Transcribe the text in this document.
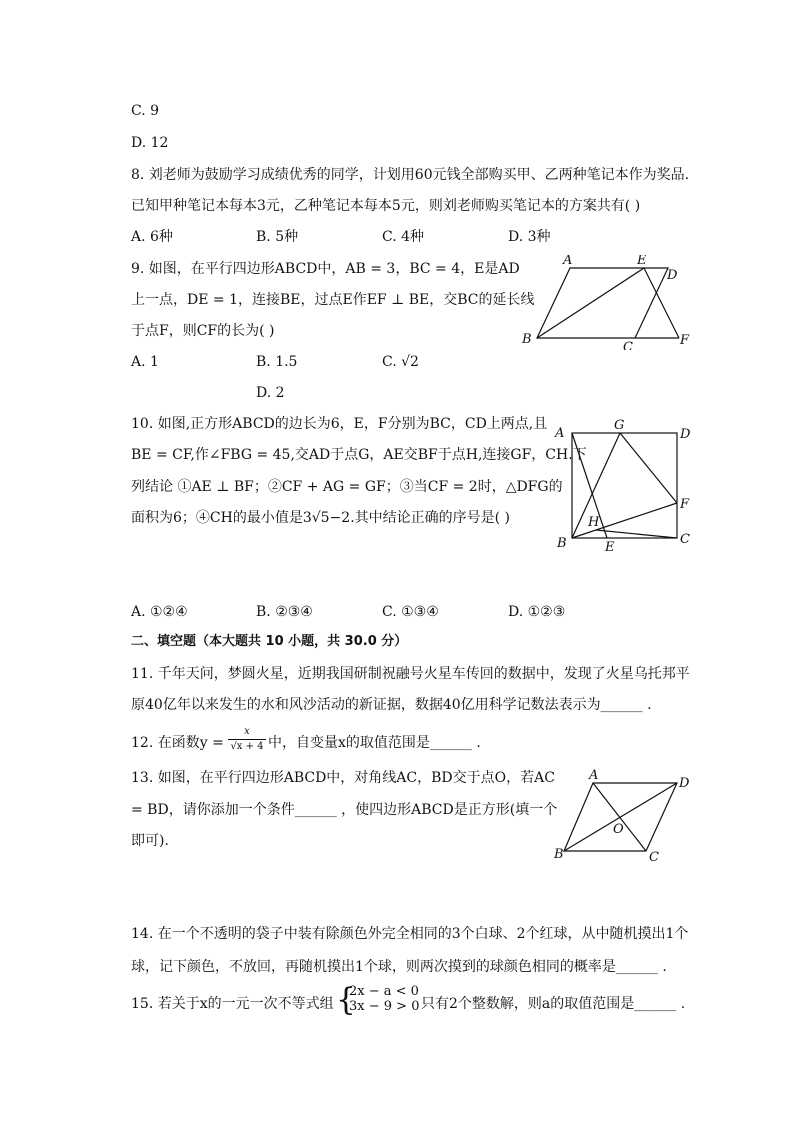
C. 9
D. 12
8. 刘老师为鼓励学习成绩优秀的同学，计划用60元钱全部购买甲、乙两种笔记本作为奖品.
已知甲种笔记本每本3元，乙种笔记本每本5元，则刘老师购买笔记本的方案共有( )
A. 6种	B. 5种	C. 4种	D. 3种
9. 如图，在平行四边形ABCD中，AB = 3，BC = 4，E是AD
上一点，DE = 1，连接BE，过点E作EF ⊥ BE，交BC的延长线
于点F，则CF的长为( )
A. 1	B. 1.5	C. √2
D. 2
A	E
D
B
C	F
10. 如图,正方形ABCD的边长为6，E，F分别为BC，CD上两点,且
BE = CF,作∠FBG = 45,交AD于点G，AE交BF于点H,连接GF，CH.下
列结论 ①AE ⊥ BF；②CF + AG = GF；③当CF = 2时，△DFG的
面积为6；④CH的最小值是3√5−2.其中结论正确的序号是( )
A. ①②④	B. ②③④	C. ①③④	D. ①②③
A
G
D
F
H
B	E
C
二、填空题（本大题共 10 小题，共 30.0 分）
11. 千年天问，梦圆火星，近期我国研制祝融号火星车传回的数据中，发现了火星乌托邦平
原40亿年以来发生的水和风沙活动的新证据，数据40亿用科学记数法表示为______ .
12. 在函数y =
x
√x + 4 中，自变量x的取值范围是______ .
13. 如图，在平行四边形ABCD中，对角线AC，BD交于点O，若AC
= BD，请你添加一个条件______ ，使四边形ABCD是正方形(填一个
即可)．
A
D
O
B	C
14. 在一个不透明的袋子中装有除颜色外完全相同的3个白球、2个红球，从中随机摸出1个
球，记下颜色，不放回，再随机摸出1个球，则两次摸到的球颜色相同的概率是______ .
15. 若关于x的一元一次不等式组 {
2x − a < 0
3x − 9 > 0 只有2个整数解，则a的取值范围是______ .
